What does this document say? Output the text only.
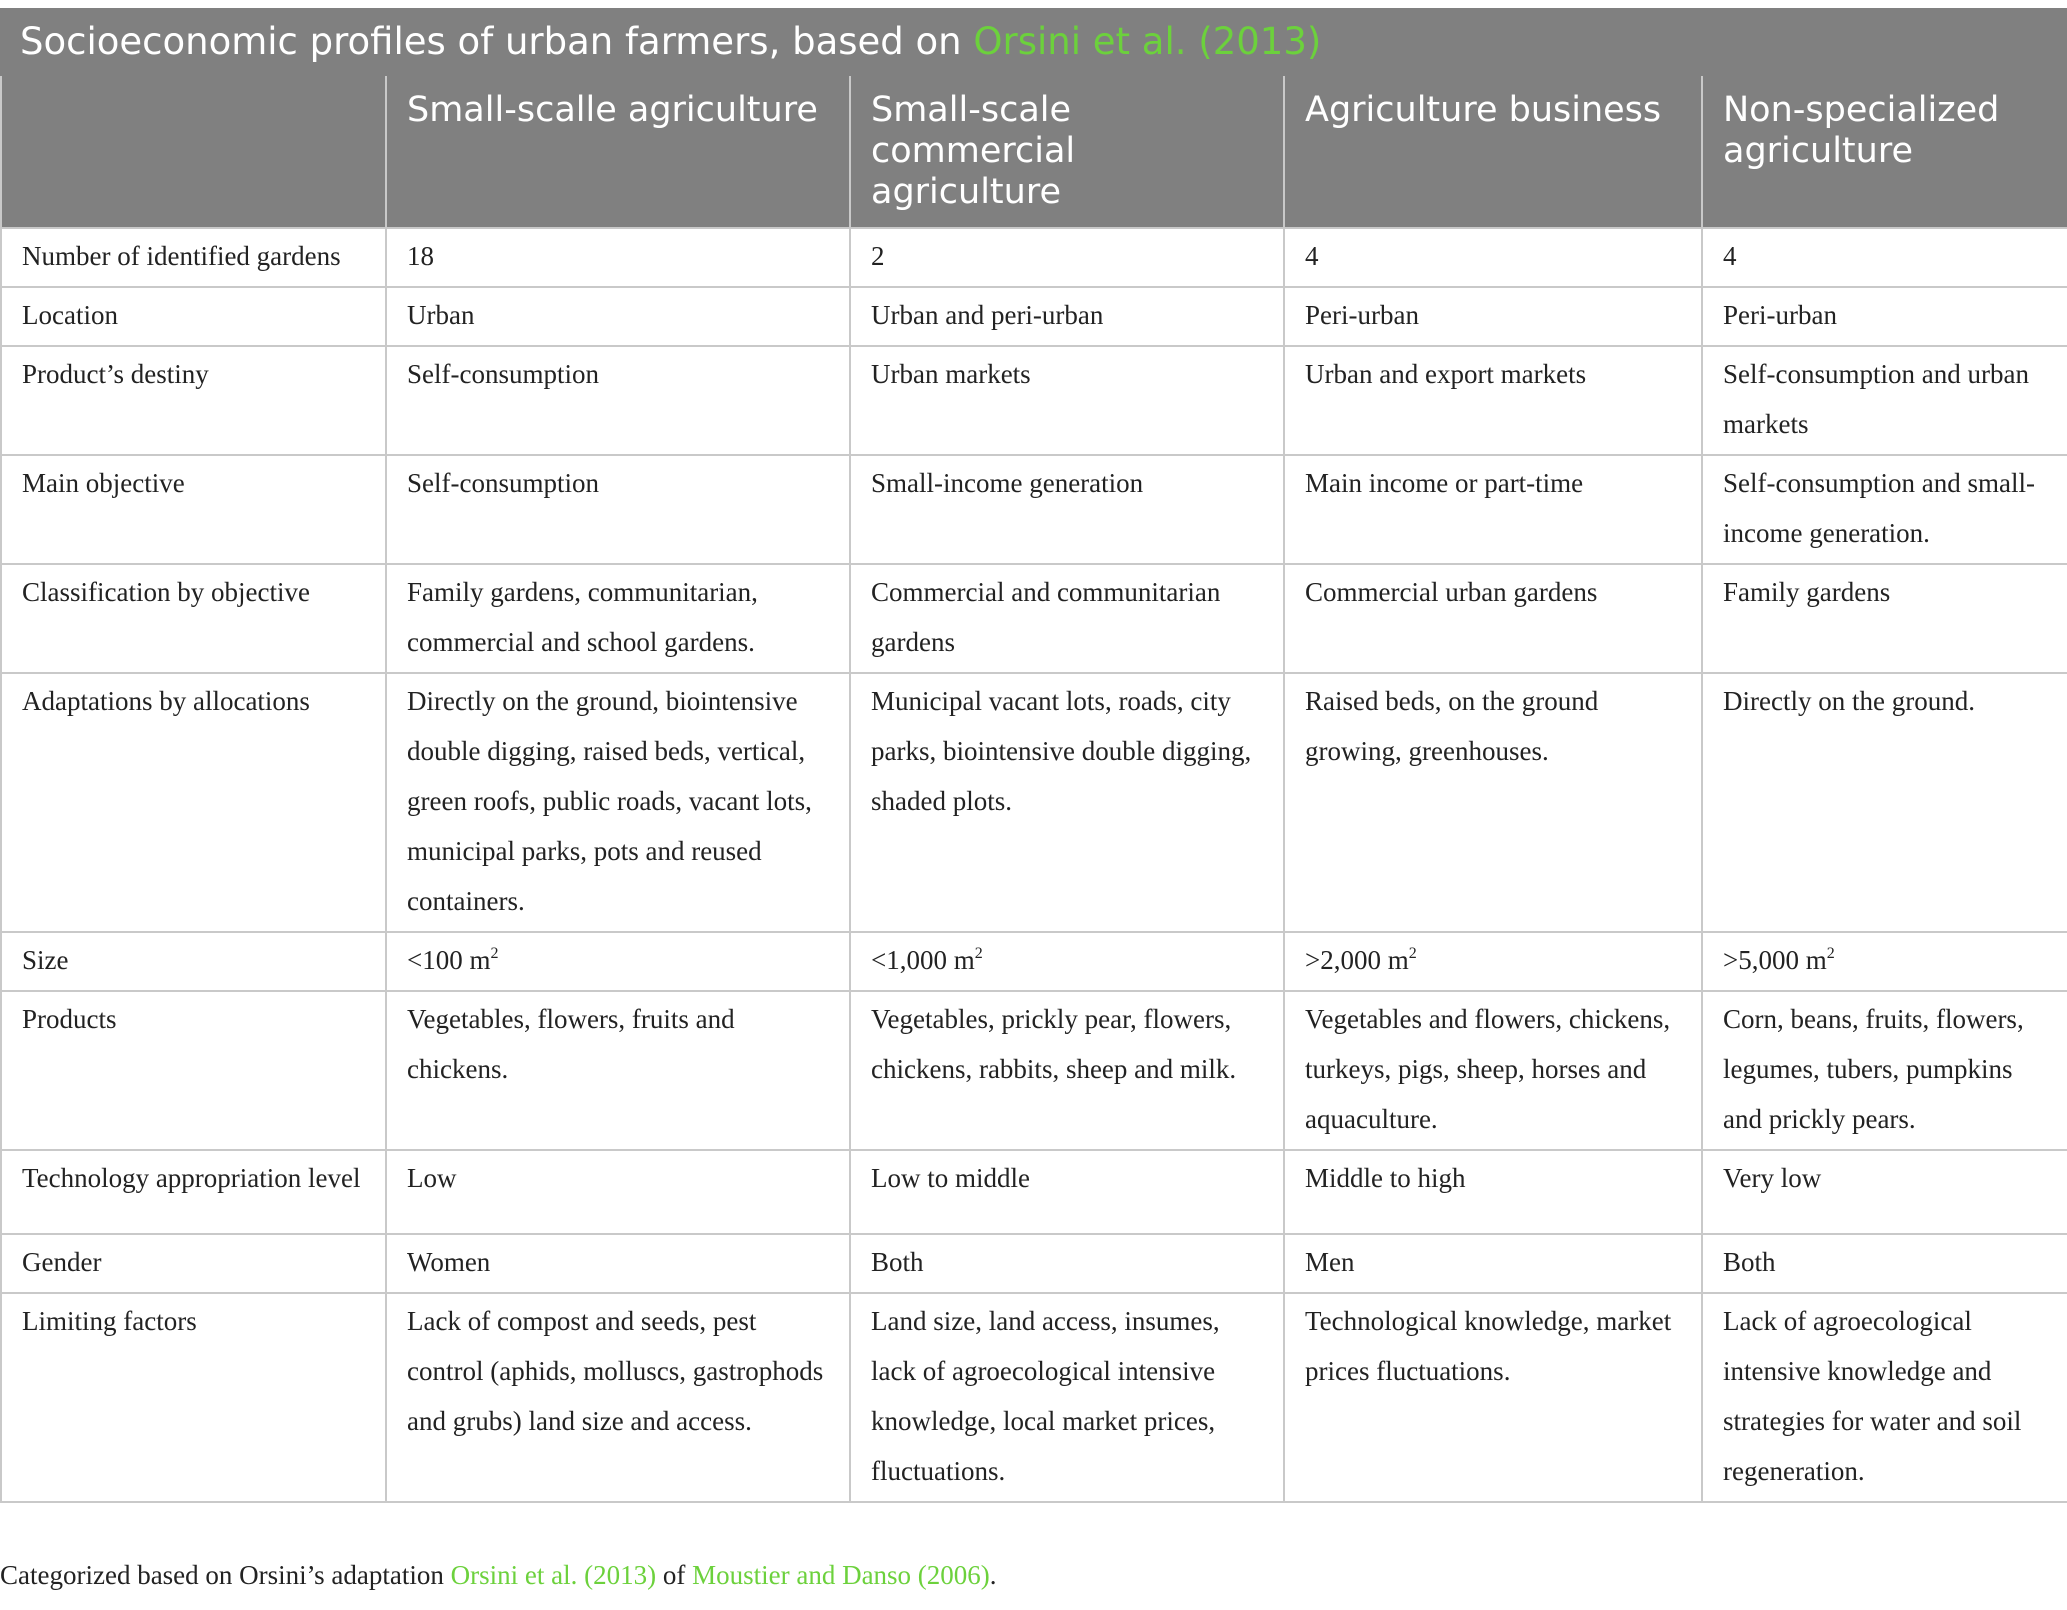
Socioeconomic profiles of urban farmers, based on Orsini et al. (2013)
	Small-scalle agriculture	Small-scale commercial agriculture	Agriculture business	Non-specialized agriculture
Number of identified gardens	18	2	4	4
Location	Urban	Urban and peri-urban	Peri-urban	Peri-urban
Product’s destiny	Self-consumption	Urban markets	Urban and export markets	Self-consumption and urban markets
Main objective	Self-consumption	Small-income generation	Main income or part-time	Self-consumption and small-income generation.
Classification by objective	Family gardens, communitarian, commercial and school gardens.	Commercial and communitarian gardens	Commercial urban gardens	Family gardens
Adaptations by allocations	Directly on the ground, biointensive double digging, raised beds, vertical, green roofs, public roads, vacant lots, municipal parks, pots and reused containers.	Municipal vacant lots, roads, city parks, biointensive double digging, shaded plots.	Raised beds, on the ground growing, greenhouses.	Directly on the ground.
Size	<100 $m^2$	<1,000 $m^2$	>2,000 $m^2$	>5,000 $m^2$
Products	Vegetables, flowers, fruits and chickens.	Vegetables, prickly pear, flowers, chickens, rabbits, sheep and milk.	Vegetables and flowers, chickens, turkeys, pigs, sheep, horses and aquaculture.	Corn, beans, fruits, flowers, legumes, tubers, pumpkins and prickly pears.
Technology appropriation level	Low	Low to middle	Middle to high	Very low
Gender	Women	Both	Men	Both
Limiting factors	Lack of compost and seeds, pest control (aphids, molluscs, gastrophods and grubs) land size and access.	Land size, land access, insumes, lack of agroecological intensive knowledge, local market prices, fluctuations.	Technological knowledge, market prices fluctuations.	Lack of agroecological intensive knowledge and strategies for water and soil regeneration.
Categorized based on Orsini’s adaptation Orsini et al. (2013) of Moustier and Danso (2006).
